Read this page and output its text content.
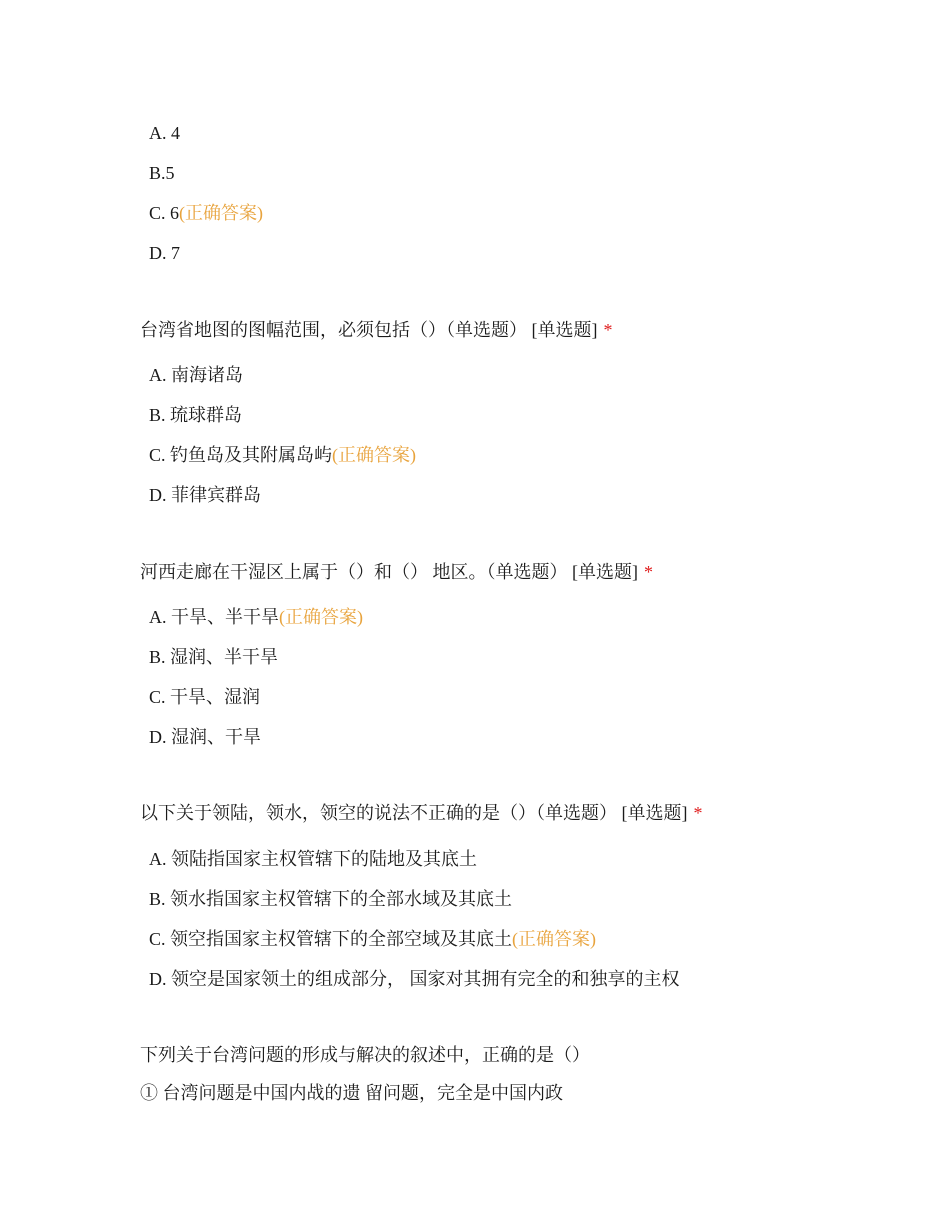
A. 4
B.5
C. 6(正确答案)
D. 7
台湾省地图的图幅范围，必须包括（）（单选题） [单选题] *
A. 南海诸岛
B. 琉球群岛
C. 钓鱼岛及其附属岛屿(正确答案)
D. 菲律宾群岛
河西走廊在干湿区上属于（）和（） 地区。（单选题） [单选题] *
A. 干旱、半干旱(正确答案)
B. 湿润、半干旱
C. 干旱、湿润
D. 湿润、干旱
以下关于领陆，领水，领空的说法不正确的是（）（单选题） [单选题] *
A. 领陆指国家主权管辖下的陆地及其底土
B. 领水指国家主权管辖下的全部水域及其底土
C. 领空指国家主权管辖下的全部空域及其底土(正确答案)
D. 领空是国家领土的组成部分， 国家对其拥有完全的和独享的主权
下列关于台湾问题的形成与解决的叙述中，正确的是（）
① 台湾问题是中国内战的遗 留问题，完全是中国内政
